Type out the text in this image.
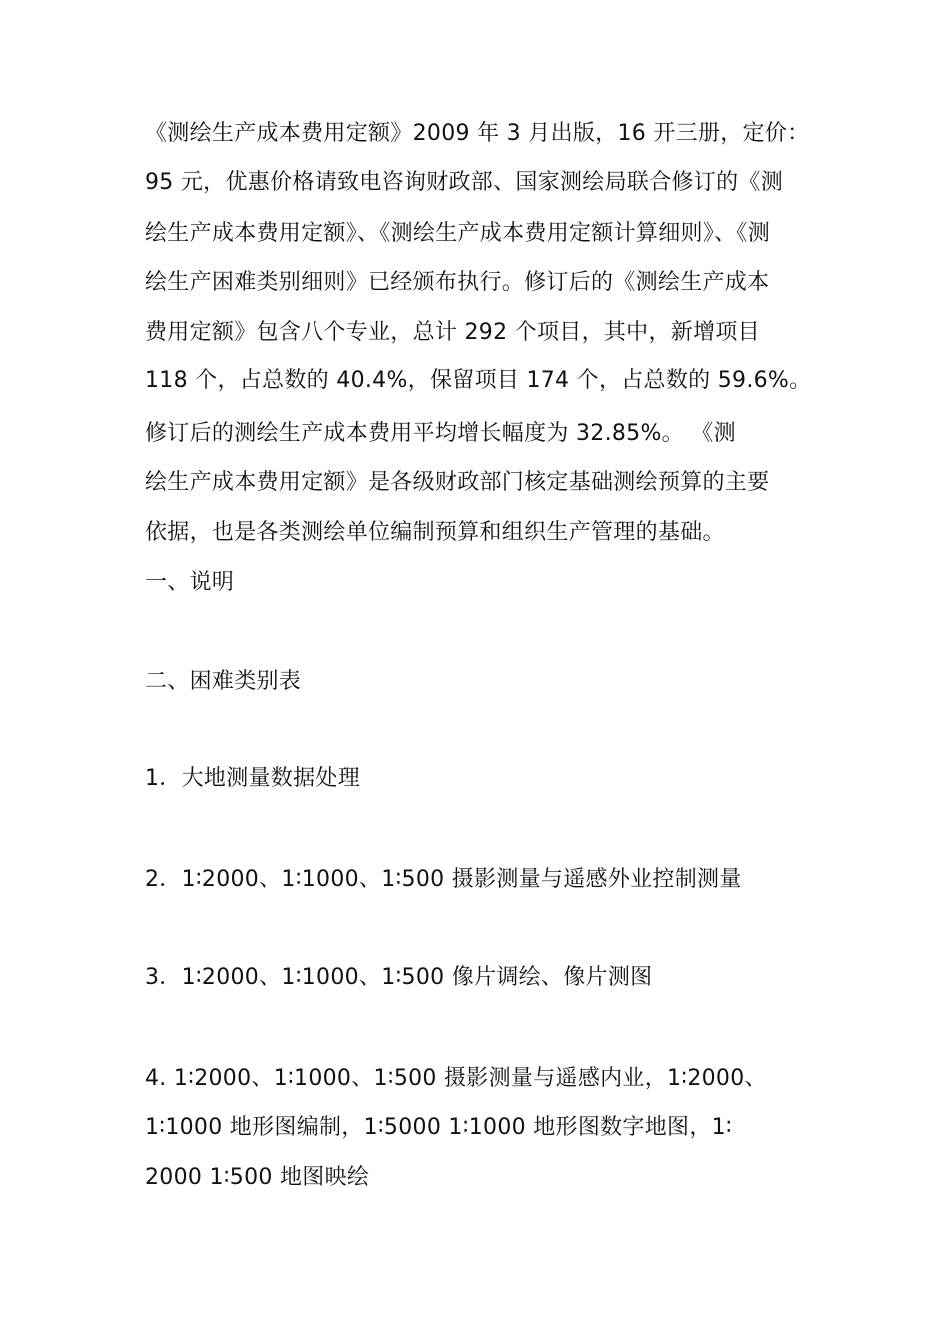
《测绘生产成本费用定额》2009 年 3 月出版，16 开三册，定价：
95 元，优惠价格请致电咨询财政部、国家测绘局联合修订的《测
绘生产成本费用定额》、《测绘生产成本费用定额计算细则》、《测
绘生产困难类别细则》已经颁布执行。修订后的《测绘生产成本
费用定额》包含八个专业，总计 292 个项目，其中，新增项目
118 个，占总数的 40.4%，保留项目 174 个，占总数的 59.6%。
修订后的测绘生产成本费用平均增长幅度为 32.85%。 《测
绘生产成本费用定额》是各级财政部门核定基础测绘预算的主要
依据，也是各类测绘单位编制预算和组织生产管理的基础。
一、说明
二、困难类别表
1．大地测量数据处理
2．1∶2000、1∶1000、1∶500 摄影测量与遥感外业控制测量
3．1∶2000、1∶1000、1∶500 像片调绘、像片测图
4. 1∶2000、1∶1000、1∶500 摄影测量与遥感内业，1∶2000、
1∶1000 地形图编制，1∶5000 1∶1000 地形图数字地图，1∶
2000 1∶500 地图映绘
